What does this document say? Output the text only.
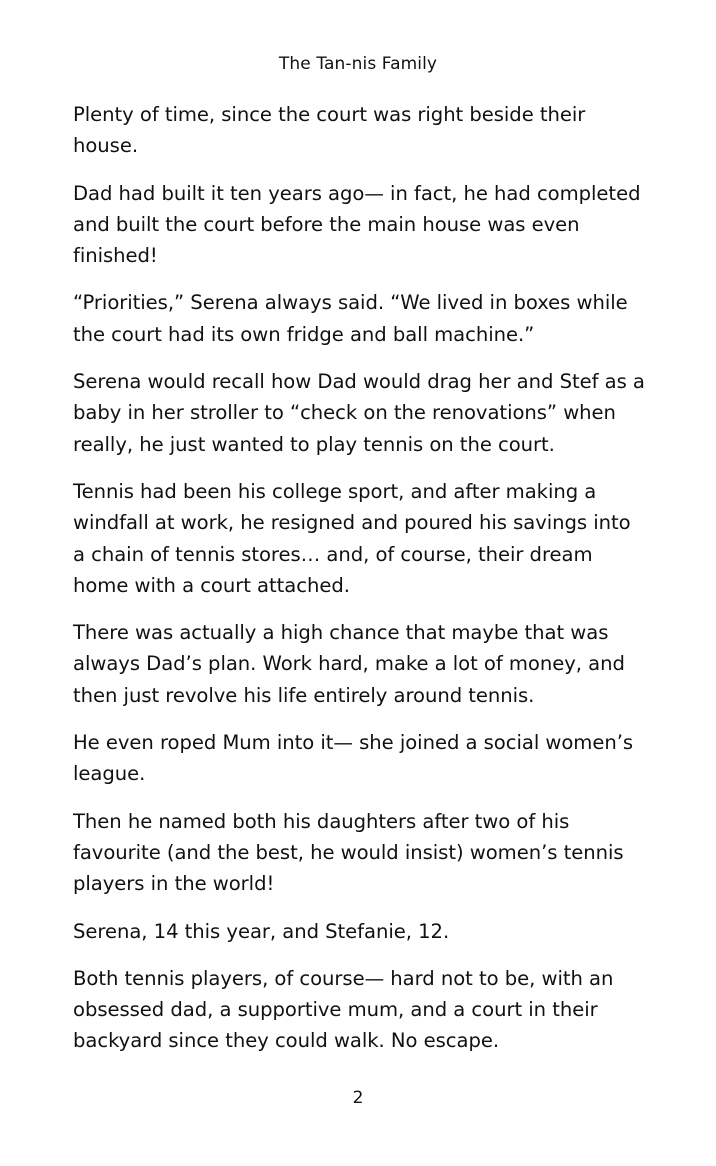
The Tan-nis Family

Plenty of time, since the court was right beside their house.

Dad had built it ten years ago— in fact, he had completed and built the court before the main house was even finished!

“Priorities,” Serena always said. “We lived in boxes while the court had its own fridge and ball machine.”

Serena would recall how Dad would drag her and Stef as a baby in her stroller to “check on the renovations” when really, he just wanted to play tennis on the court.

Tennis had been his college sport, and after making a windfall at work, he resigned and poured his savings into a chain of tennis stores… and, of course, their dream home with a court attached.

There was actually a high chance that maybe that was always Dad’s plan. Work hard, make a lot of money, and then just revolve his life entirely around tennis.

He even roped Mum into it— she joined a social women’s league.

Then he named both his daughters after two of his favourite (and the best, he would insist) women’s tennis players in the world!

Serena, 14 this year, and Stefanie, 12.

Both tennis players, of course— hard not to be, with an obsessed dad, a supportive mum, and a court in their backyard since they could walk. No escape.

2
